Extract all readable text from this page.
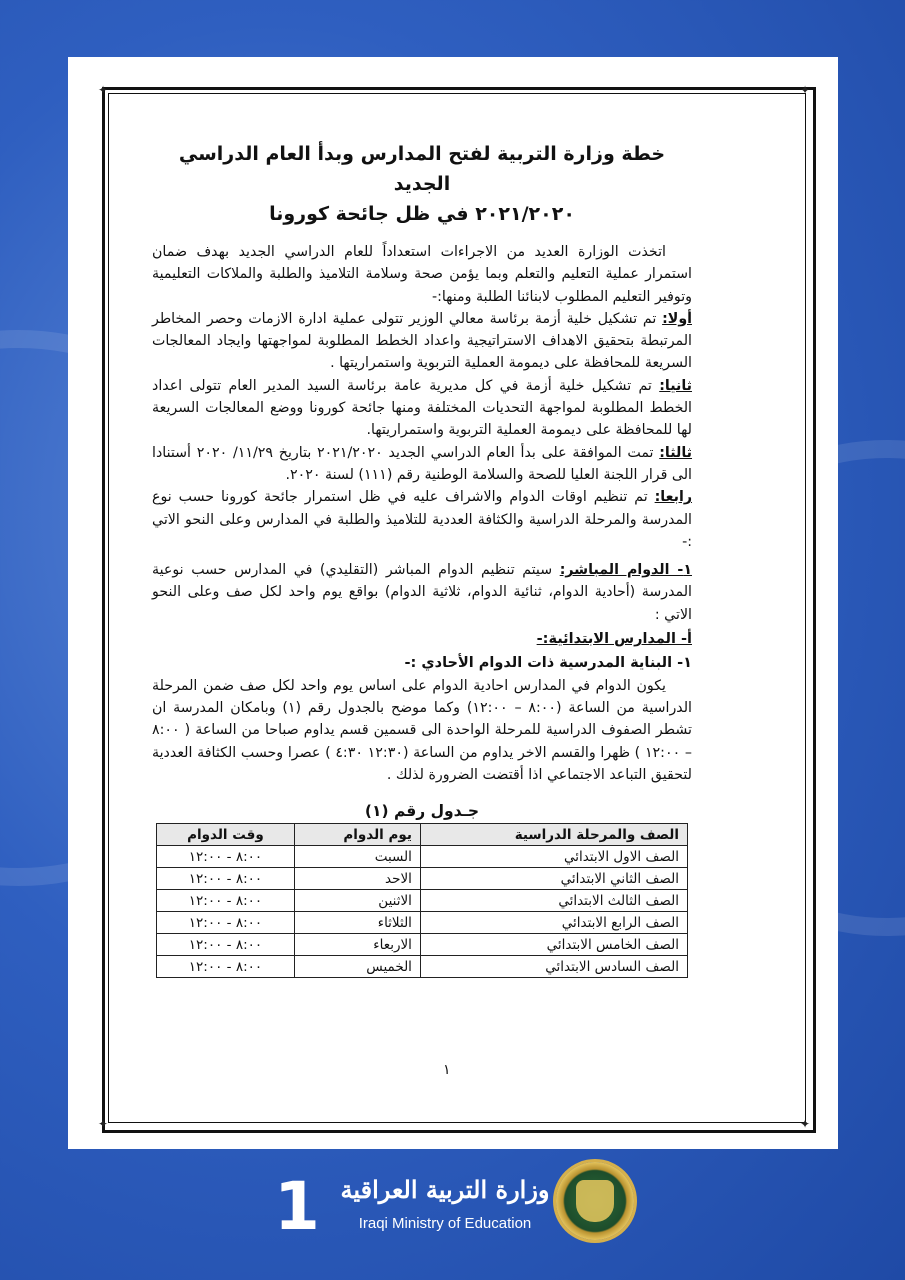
✦	✦
✦	✦
خطة وزارة التربية لفتح المدارس وبدأ العام الدراسي الجديد
٢٠٢١/٢٠٢٠ في ظل جائحة كورونا

اتخذت الوزارة العديد من الاجراءات استعداداً للعام الدراسي الجديد بهدف ضمان استمرار عملية التعليم والتعلم وبما يؤمن صحة وسلامة التلاميذ والطلبة والملاكات التعليمية وتوفير التعليم المطلوب لابنائنا الطلبة ومنها:-

أولا: تم تشكيل خلية أزمة برئاسة معالي الوزير تتولى عملية ادارة الازمات وحصر المخاطر المرتبطة بتحقيق الاهداف الاستراتيجية واعداد الخطط المطلوبة لمواجهتها وايجاد المعالجات السريعة للمحافظة على ديمومة العملية التربوية واستمراريتها .

ثانيا: تم تشكيل خلية أزمة في كل مديرية عامة برئاسة السيد المدير العام تتولى اعداد الخطط المطلوبة لمواجهة التحديات المختلفة ومنها جائحة كورونا ووضع المعالجات السريعة لها للمحافظة على ديمومة العملية التربوية واستمراريتها.

ثالثا: تمت الموافقة على بدأ العام الدراسي الجديد ٢٠٢١/٢٠٢٠ بتاريخ ١١/٢٩/ ٢٠٢٠ أستنادا الى قرار اللجنة العليا للصحة والسلامة الوطنية رقم (١١١) لسنة ٢٠٢٠.

رابعا: تم تنظيم اوقات الدوام والاشراف عليه في ظل استمرار جائحة كورونا حسب نوع المدرسة والمرحلة الدراسية والكثافة العددية للتلاميذ والطلبة في المدارس وعلى النحو الاتي :-

١- الدوام المباشر: سيتم تنظيم الدوام المباشر (التقليدي) في المدارس حسب نوعية المدرسة (أحادية الدوام، ثنائية الدوام، ثلاثية الدوام) بواقع يوم واحد لكل صف وعلى النحو الاتي :

أ- المدارس الابتدائية:-

١- البناية المدرسية ذات الدوام الأحادي :-

يكون الدوام في المدارس احادية الدوام على اساس يوم واحد لكل صف ضمن المرحلة الدراسية من الساعة (٨:٠٠ – ١٢:٠٠) وكما موضح بالجدول رقم (١) وبامكان المدرسة ان تشطر الصفوف الدراسية للمرحلة الواحدة الى قسمين قسم يداوم صباحا من الساعة ( ٨:٠٠ – ١٢:٠٠ ) ظهرا والقسم الاخر يداوم من الساعة (١٢:٣٠ ٤:٣٠ ) عصرا وحسب الكثافة العددية لتحقيق التباعد الاجتماعي اذا أقتضت الضرورة لذلك .

جـدول رقم (١)
الصف والمرحلة الدراسية	يوم الدوام	وقت الدوام
الصف الاول الابتدائي	السبت	٨:٠٠ - ١٢:٠٠
الصف الثاني الابتدائي	الاحد	٨:٠٠ - ١٢:٠٠
الصف الثالث الابتدائي	الاثنين	٨:٠٠ - ١٢:٠٠
الصف الرابع الابتدائي	الثلاثاء	٨:٠٠ - ١٢:٠٠
الصف الخامس الابتدائي	الاربعاء	٨:٠٠ - ١٢:٠٠
الصف السادس الابتدائي	الخميس	٨:٠٠ - ١٢:٠٠
١
1 وزارة التربية العراقية
Iraqi Ministry of Education
